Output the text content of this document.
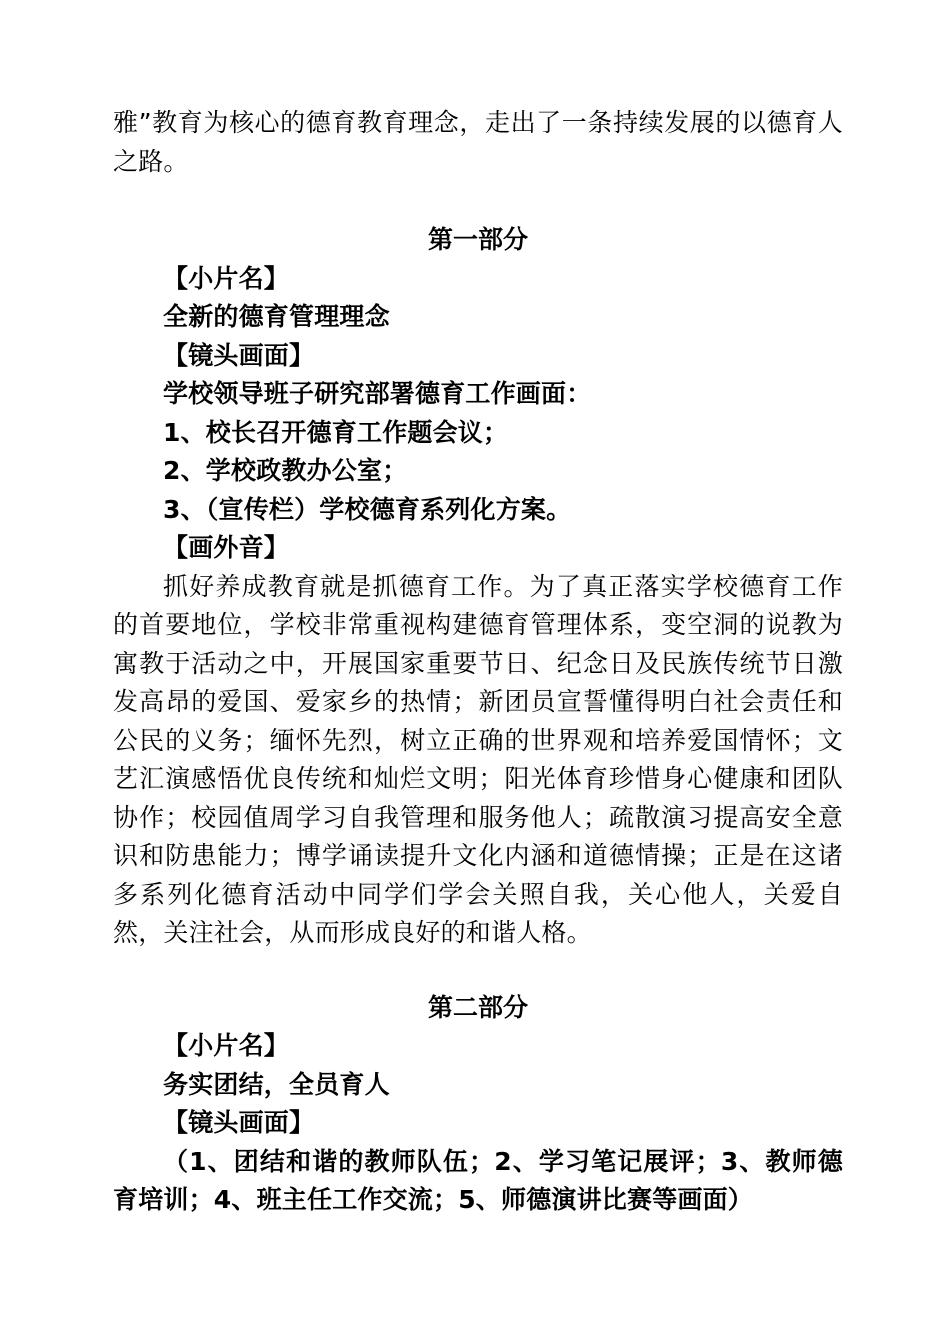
雅”教育为核心的德育教育理念，走出了一条持续发展的以德育人之路。

第一部分

【小片名】

全新的德育管理理念

【镜头画面】

学校领导班子研究部署德育工作画面：

1、校长召开德育工作题会议；

2、学校政教办公室；

3、（宣传栏）学校德育系列化方案。

【画外音】

抓好养成教育就是抓德育工作。为了真正落实学校德育工作的首要地位，学校非常重视构建德育管理体系，变空洞的说教为寓教于活动之中，开展国家重要节日、纪念日及民族传统节日激发高昂的爱国、爱家乡的热情；新团员宣誓懂得明白社会责任和公民的义务；缅怀先烈，树立正确的世界观和培养爱国情怀；文艺汇演感悟优良传统和灿烂文明；阳光体育珍惜身心健康和团队协作；校园值周学习自我管理和服务他人；疏散演习提高安全意识和防患能力；博学诵读提升文化内涵和道德情操；正是在这诸多系列化德育活动中同学们学会关照自我，关心他人，关爱自然，关注社会，从而形成良好的和谐人格。

第二部分

【小片名】

务实团结，全员育人

【镜头画面】

（1、团结和谐的教师队伍；2、学习笔记展评；3、教师德育培训；4、班主任工作交流；5、师德演讲比赛等画面）
